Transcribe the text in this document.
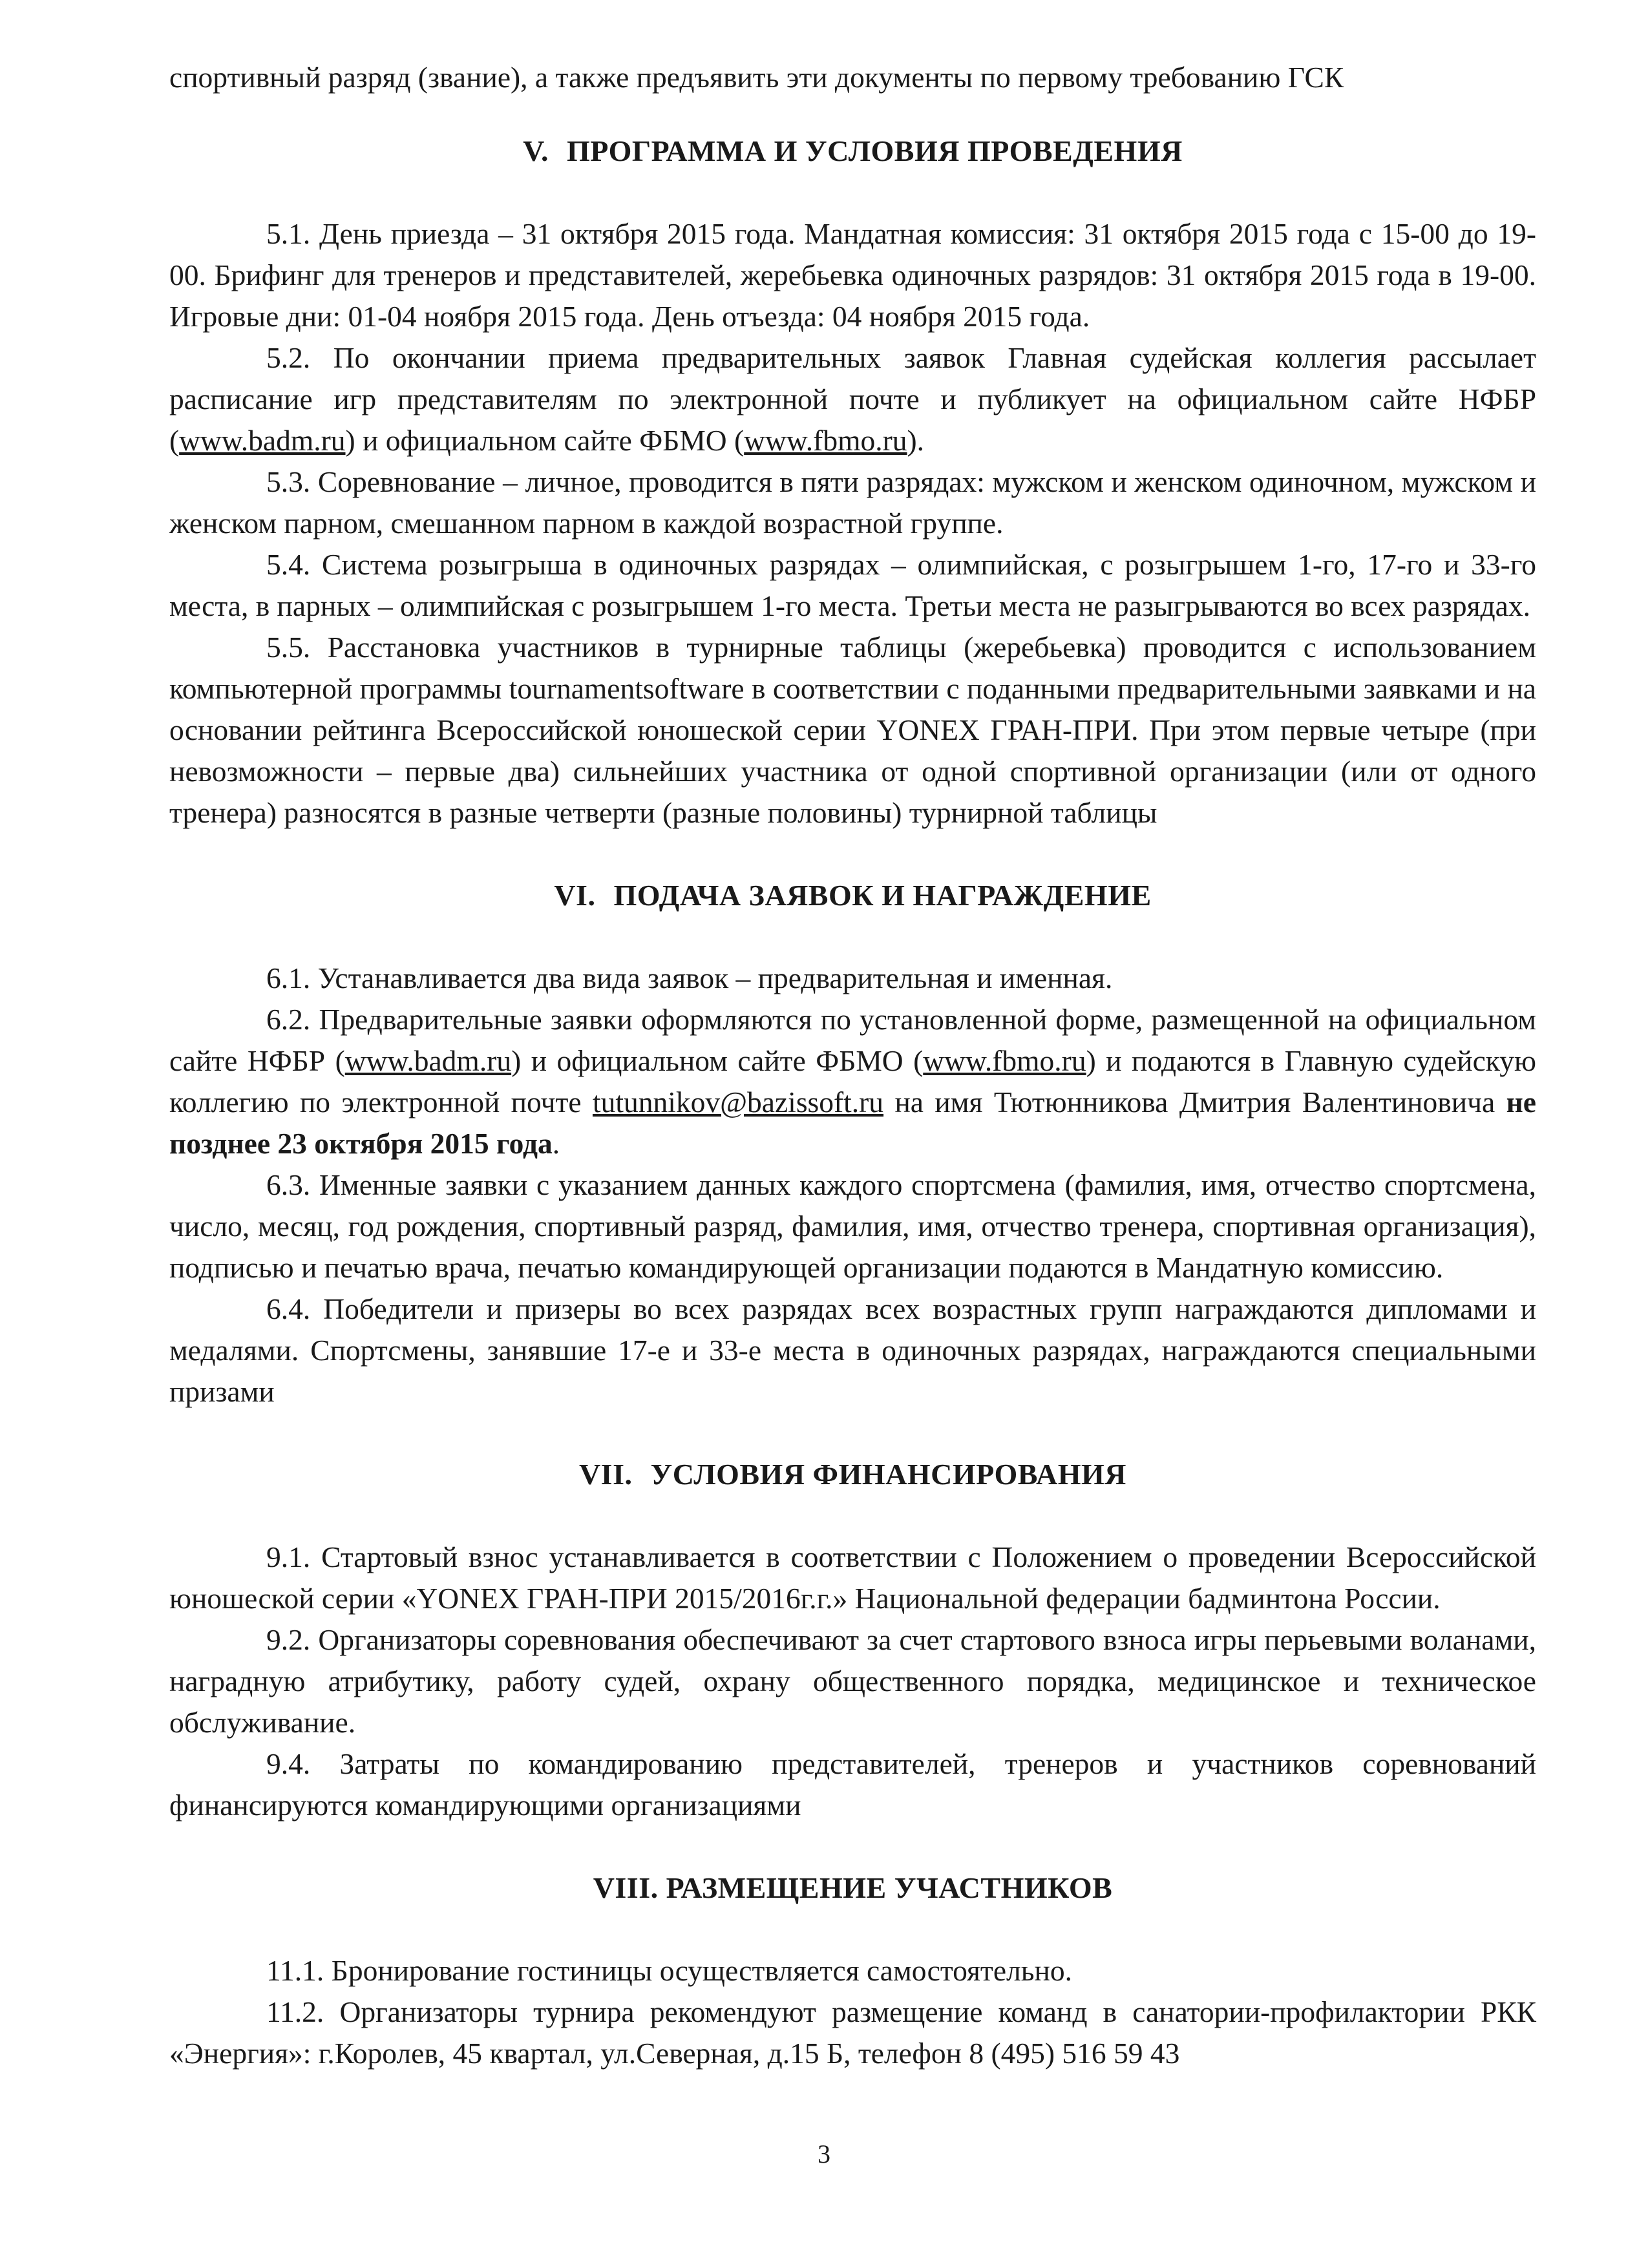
спортивный разряд (звание), а также предъявить эти документы по первому требованию ГСК

V. ПРОГРАММА И УСЛОВИЯ ПРОВЕДЕНИЯ

5.1. День приезда – 31 октября 2015 года. Мандатная комиссия: 31 октября 2015 года с 15-00 до 19-00. Брифинг для тренеров и представителей, жеребьевка одиночных разрядов: 31 октября 2015 года в 19-00. Игровые дни: 01-04 ноября 2015 года. День отъезда: 04 ноября 2015 года.

5.2. По окончании приема предварительных заявок Главная судейская коллегия рассылает расписание игр представителям по электронной почте и публикует на официальном сайте НФБР (www.badm.ru) и официальном сайте ФБМО (www.fbmo.ru).

5.3. Соревнование – личное, проводится в пяти разрядах: мужском и женском одиночном, мужском и женском парном, смешанном парном в каждой возрастной группе.

5.4. Система розыгрыша в одиночных разрядах – олимпийская, с розыгрышем 1-го, 17-го и 33-го места, в парных – олимпийская с розыгрышем 1-го места. Третьи места не разыгрываются во всех разрядах.

5.5. Расстановка участников в турнирные таблицы (жеребьевка) проводится с использованием компьютерной программы tournamentsoftware в соответствии с поданными предварительными заявками и на основании рейтинга Всероссийской юношеской серии YONEX ГРАН-ПРИ. При этом первые четыре (при невозможности – первые два) сильнейших участника от одной спортивной организации (или от одного тренера) разносятся в разные четверти (разные половины) турнирной таблицы

VI. ПОДАЧА ЗАЯВОК И НАГРАЖДЕНИЕ

6.1. Устанавливается два вида заявок – предварительная и именная.

6.2. Предварительные заявки оформляются по установленной форме, размещенной на официальном сайте НФБР (www.badm.ru) и официальном сайте ФБМО (www.fbmo.ru) и подаются в Главную судейскую коллегию по электронной почте tutunnikov@bazissoft.ru на имя Тютюнникова Дмитрия Валентиновича не позднее 23 октября 2015 года.

6.3. Именные заявки с указанием данных каждого спортсмена (фамилия, имя, отчество спортсмена, число, месяц, год рождения, спортивный разряд, фамилия, имя, отчество тренера, спортивная организация), подписью и печатью врача, печатью командирующей организации подаются в Мандатную комиссию.

6.4. Победители и призеры во всех разрядах всех возрастных групп награждаются дипломами и медалями. Спортсмены, занявшие 17-е и 33-е места в одиночных разрядах, награждаются специальными призами

VII. УСЛОВИЯ ФИНАНСИРОВАНИЯ

9.1. Стартовый взнос устанавливается в соответствии с Положением о проведении Всероссийской юношеской серии «YONEX ГРАН-ПРИ 2015/2016г.г.» Национальной федерации бадминтона России.

9.2. Организаторы соревнования обеспечивают за счет стартового взноса игры перьевыми воланами, наградную атрибутику, работу судей, охрану общественного порядка, медицинское и техническое обслуживание.

9.4. Затраты по командированию представителей, тренеров и участников соревнований финансируются командирующими организациями

VIII. РАЗМЕЩЕНИЕ УЧАСТНИКОВ

11.1. Бронирование гостиницы осуществляется самостоятельно.

11.2. Организаторы турнира рекомендуют размещение команд в санатории-профилактории РКК «Энергия»: г.Королев, 45 квартал, ул.Северная, д.15 Б, телефон 8 (495) 516 59 43

3
